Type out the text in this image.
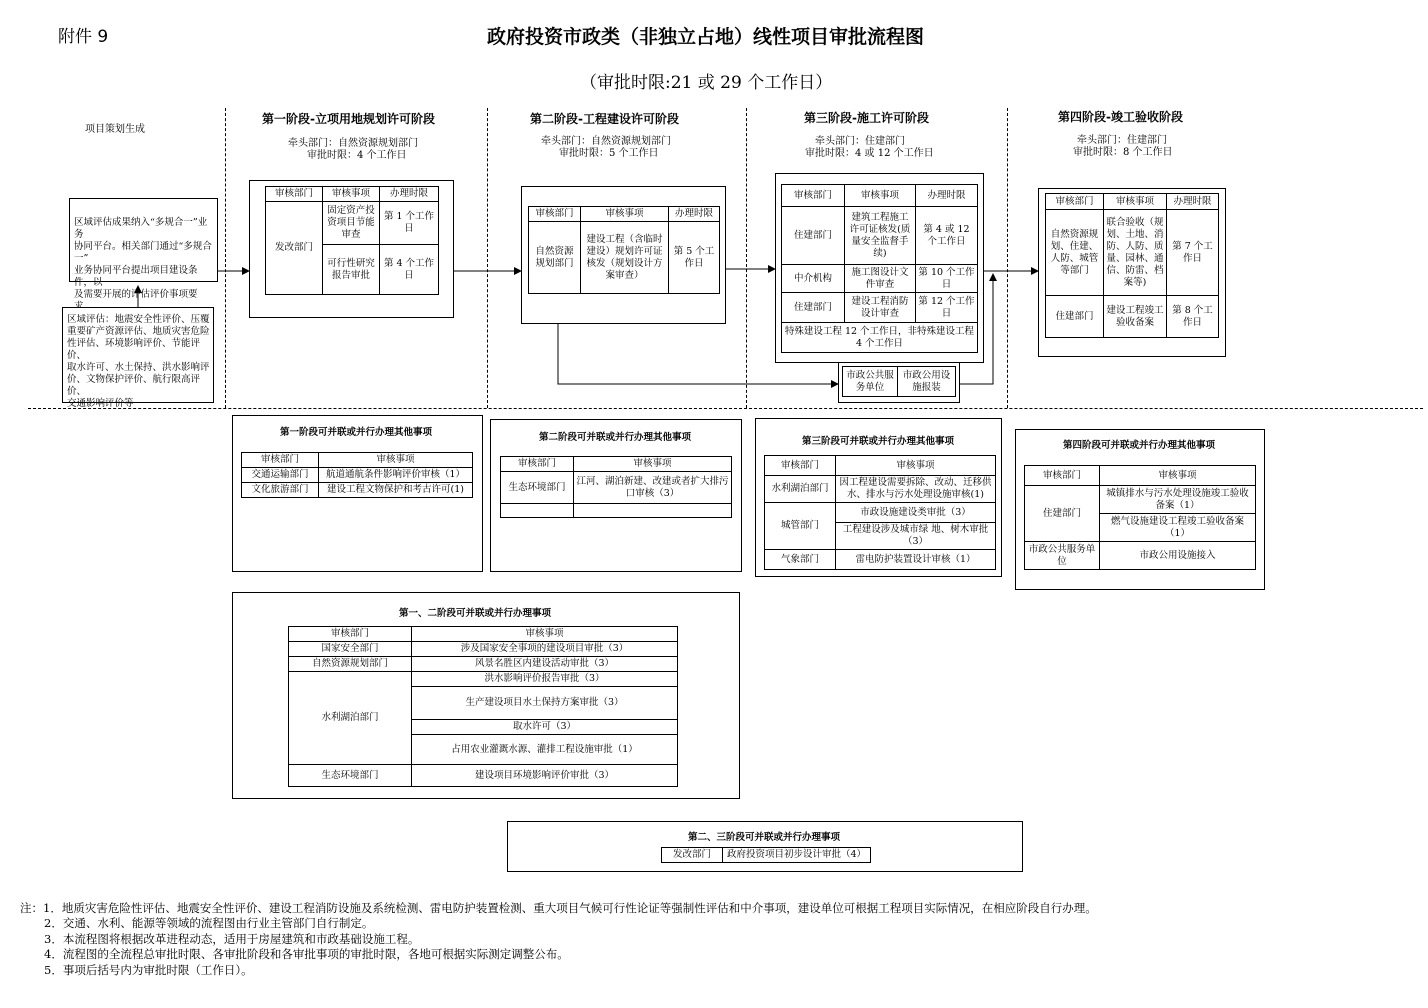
附件 9	政府投资市政类（非独立占地）线性项目审批流程图
（审批时限:21 或 29 个工作日）
项目策划生成
区域评估成果纳入“多规合一”业务
协同平台。相关部门通过“多规合一”
业务协同平台提出项目建设条件，以
及需要开展的评估评价事项要
区域评估：地震安全性评价、压覆
重要矿产资源评估、地质灾害危险
性评估、环境影响评价、节能评价、
取水许可、水土保持、洪水影响评
价、文物保护评价、航行限高评价、
交通影响评价等
第一阶段-立项用地规划许可阶段
牵头部门：自然资源规划部门
审批时限：4 个工作日
第二阶段-工程建设许可阶段
牵头部门：自然资源规划部门
审批时限：5 个工作日
第三阶段-施工许可阶段
牵头部门：住建部门
审批时限：4 或 12 个工作日
第四阶段-竣工验收阶段
牵头部门：住建部门
审批时限：8 个工作日
审核部门	审核事项	办理时限
发改部门	固定资产投资项目节能审查	第 1 个工作日
	可行性研究报告审批	第 4 个工作日
审核部门	审核事项	办理时限
自然资源规划部门	建设工程（含临时建设）规划许可证核发（规划设计方案审查）	第 5 个工作日
审核部门	审核事项	办理时限
住建部门	建筑工程施工许可证核发(质量安全监督手续)	第 4 或 12 个工作日
中介机构	施工图设计文件审查	第 10 个工作日
住建部门	建设工程消防设计审查	第 12 个工作日
特殊建设工程 12 个工作日，非特殊建设工程 4 个工作日		
市政公共服务单位	市政公用设施报装
审核部门	审核事项	办理时限
自然资源规划、住建、人防、城管等部门	联合验收（规划、土地、消防、人防、质量、园林、通信、防雷、档案等)	第 7 个工作日
住建部门	建设工程竣工验收备案	第 8 个工作日
第一阶段可并联或并行办理其他事项
审核部门	审核事项
交通运输部门	航道通航条件影响评价审核（1）
文化旅游部门	建设工程文物保护和考古许可(1)
第二阶段可并联或并行办理其他事项
审核部门	审核事项
生态环境部门	江河、湖泊新建、改建或者扩大排污口审核（3）

第三阶段可并联或并行办理其他事项
审核部门	审核事项
水利湖泊部门	因工程建设需要拆除、改动、迁移供水、排水与污水处理设施审核(1)
城管部门	市政设施建设类审批（3）
	工程建设涉及城市绿 地、树木审批（3）
气象部门	雷电防护装置设计审核（1）
第四阶段可并联或并行办理其他事项
审核部门	审核事项
住建部门	城镇排水与污水处理设施竣工验收备案（1）
	燃气设施建设工程竣工验收备案（1）
市政公共服务单位	市政公用设施接入
第一、二阶段可并联或并行办理事项
审核部门	审核事项
国家安全部门	涉及国家安全事项的建设项目审批（3）
自然资源规划部门	风景名胜区内建设活动审批（3）
水利湖泊部门	洪水影响评价报告审批（3）
	生产建设项目水土保持方案审批（3）
	取水许可（3）
	占用农业灌溉水源、灌排工程设施审批（1）
生态环境部门	建设项目环境影响评价审批（3）
第二、三阶段可并联或并行办理事项
发改部门	政府投资项目初步设计审批（4）
注：1．地质灾害危险性评估、地震安全性评价、建设工程消防设施及系统检测、雷电防护装置检测、重大项目气候可行性论证等强制性评估和中介事项，建设单位可根据工程项目实际情况，在相应阶段自行办理。
2．交通、水利、能源等领域的流程图由行业主管部门自行制定。
3．本流程图将根据改革进程动态，适用于房屋建筑和市政基础设施工程。
4．流程图的全流程总审批时限、各审批阶段和各审批事项的审批时限，各地可根据实际测定调整公布。
5．事项后括号内为审批时限（工作日）。
